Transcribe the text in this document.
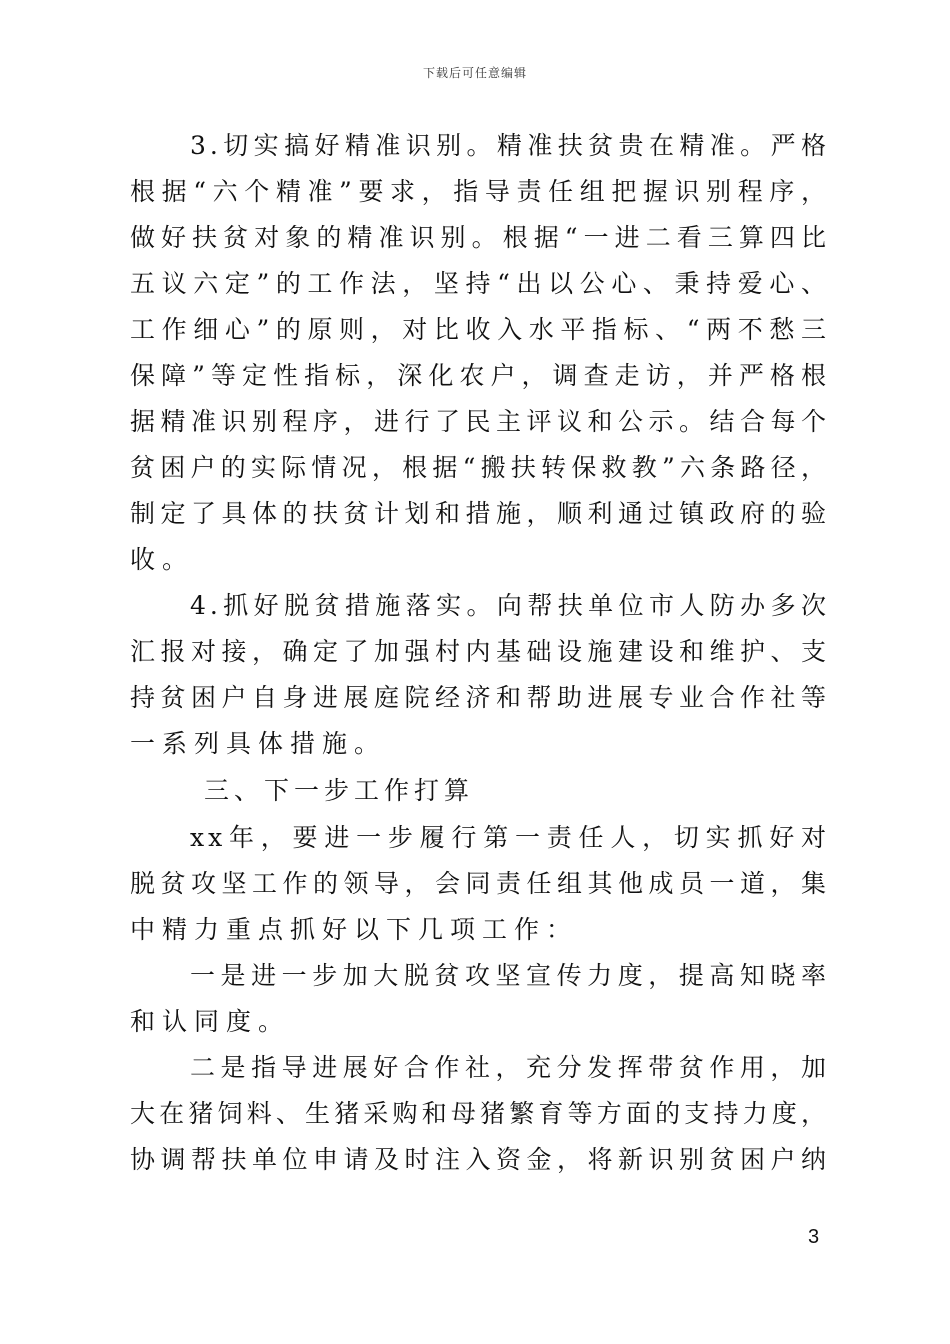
下载后可任意编辑
3.切实搞好精准识别。精准扶贫贵在精准。严格
根据“六个精准”要求，指导责任组把握识别程序，
做好扶贫对象的精准识别。根据“一进二看三算四比
五议六定”的工作法，坚持“出以公心、秉持爱心、
工作细心”的原则，对比收入水平指标、“两不愁三
保障”等定性指标，深化农户，调查走访，并严格根
据精准识别程序，进行了民主评议和公示。结合每个
贫困户的实际情况，根据“搬扶转保救教”六条路径，
制定了具体的扶贫计划和措施，顺利通过镇政府的验
收。
4.抓好脱贫措施落实。向帮扶单位市人防办多次
汇报对接，确定了加强村内基础设施建设和维护、支
持贫困户自身进展庭院经济和帮助进展专业合作社等
一系列具体措施。
三、下一步工作打算
xx年，要进一步履行第一责任人，切实抓好对
脱贫攻坚工作的领导，会同责任组其他成员一道，集
中精力重点抓好以下几项工作：
一是进一步加大脱贫攻坚宣传力度，提高知晓率
和认同度。
二是指导进展好合作社，充分发挥带贫作用，加
大在猪饲料、生猪采购和母猪繁育等方面的支持力度，
协调帮扶单位申请及时注入资金，将新识别贫困户纳
3
